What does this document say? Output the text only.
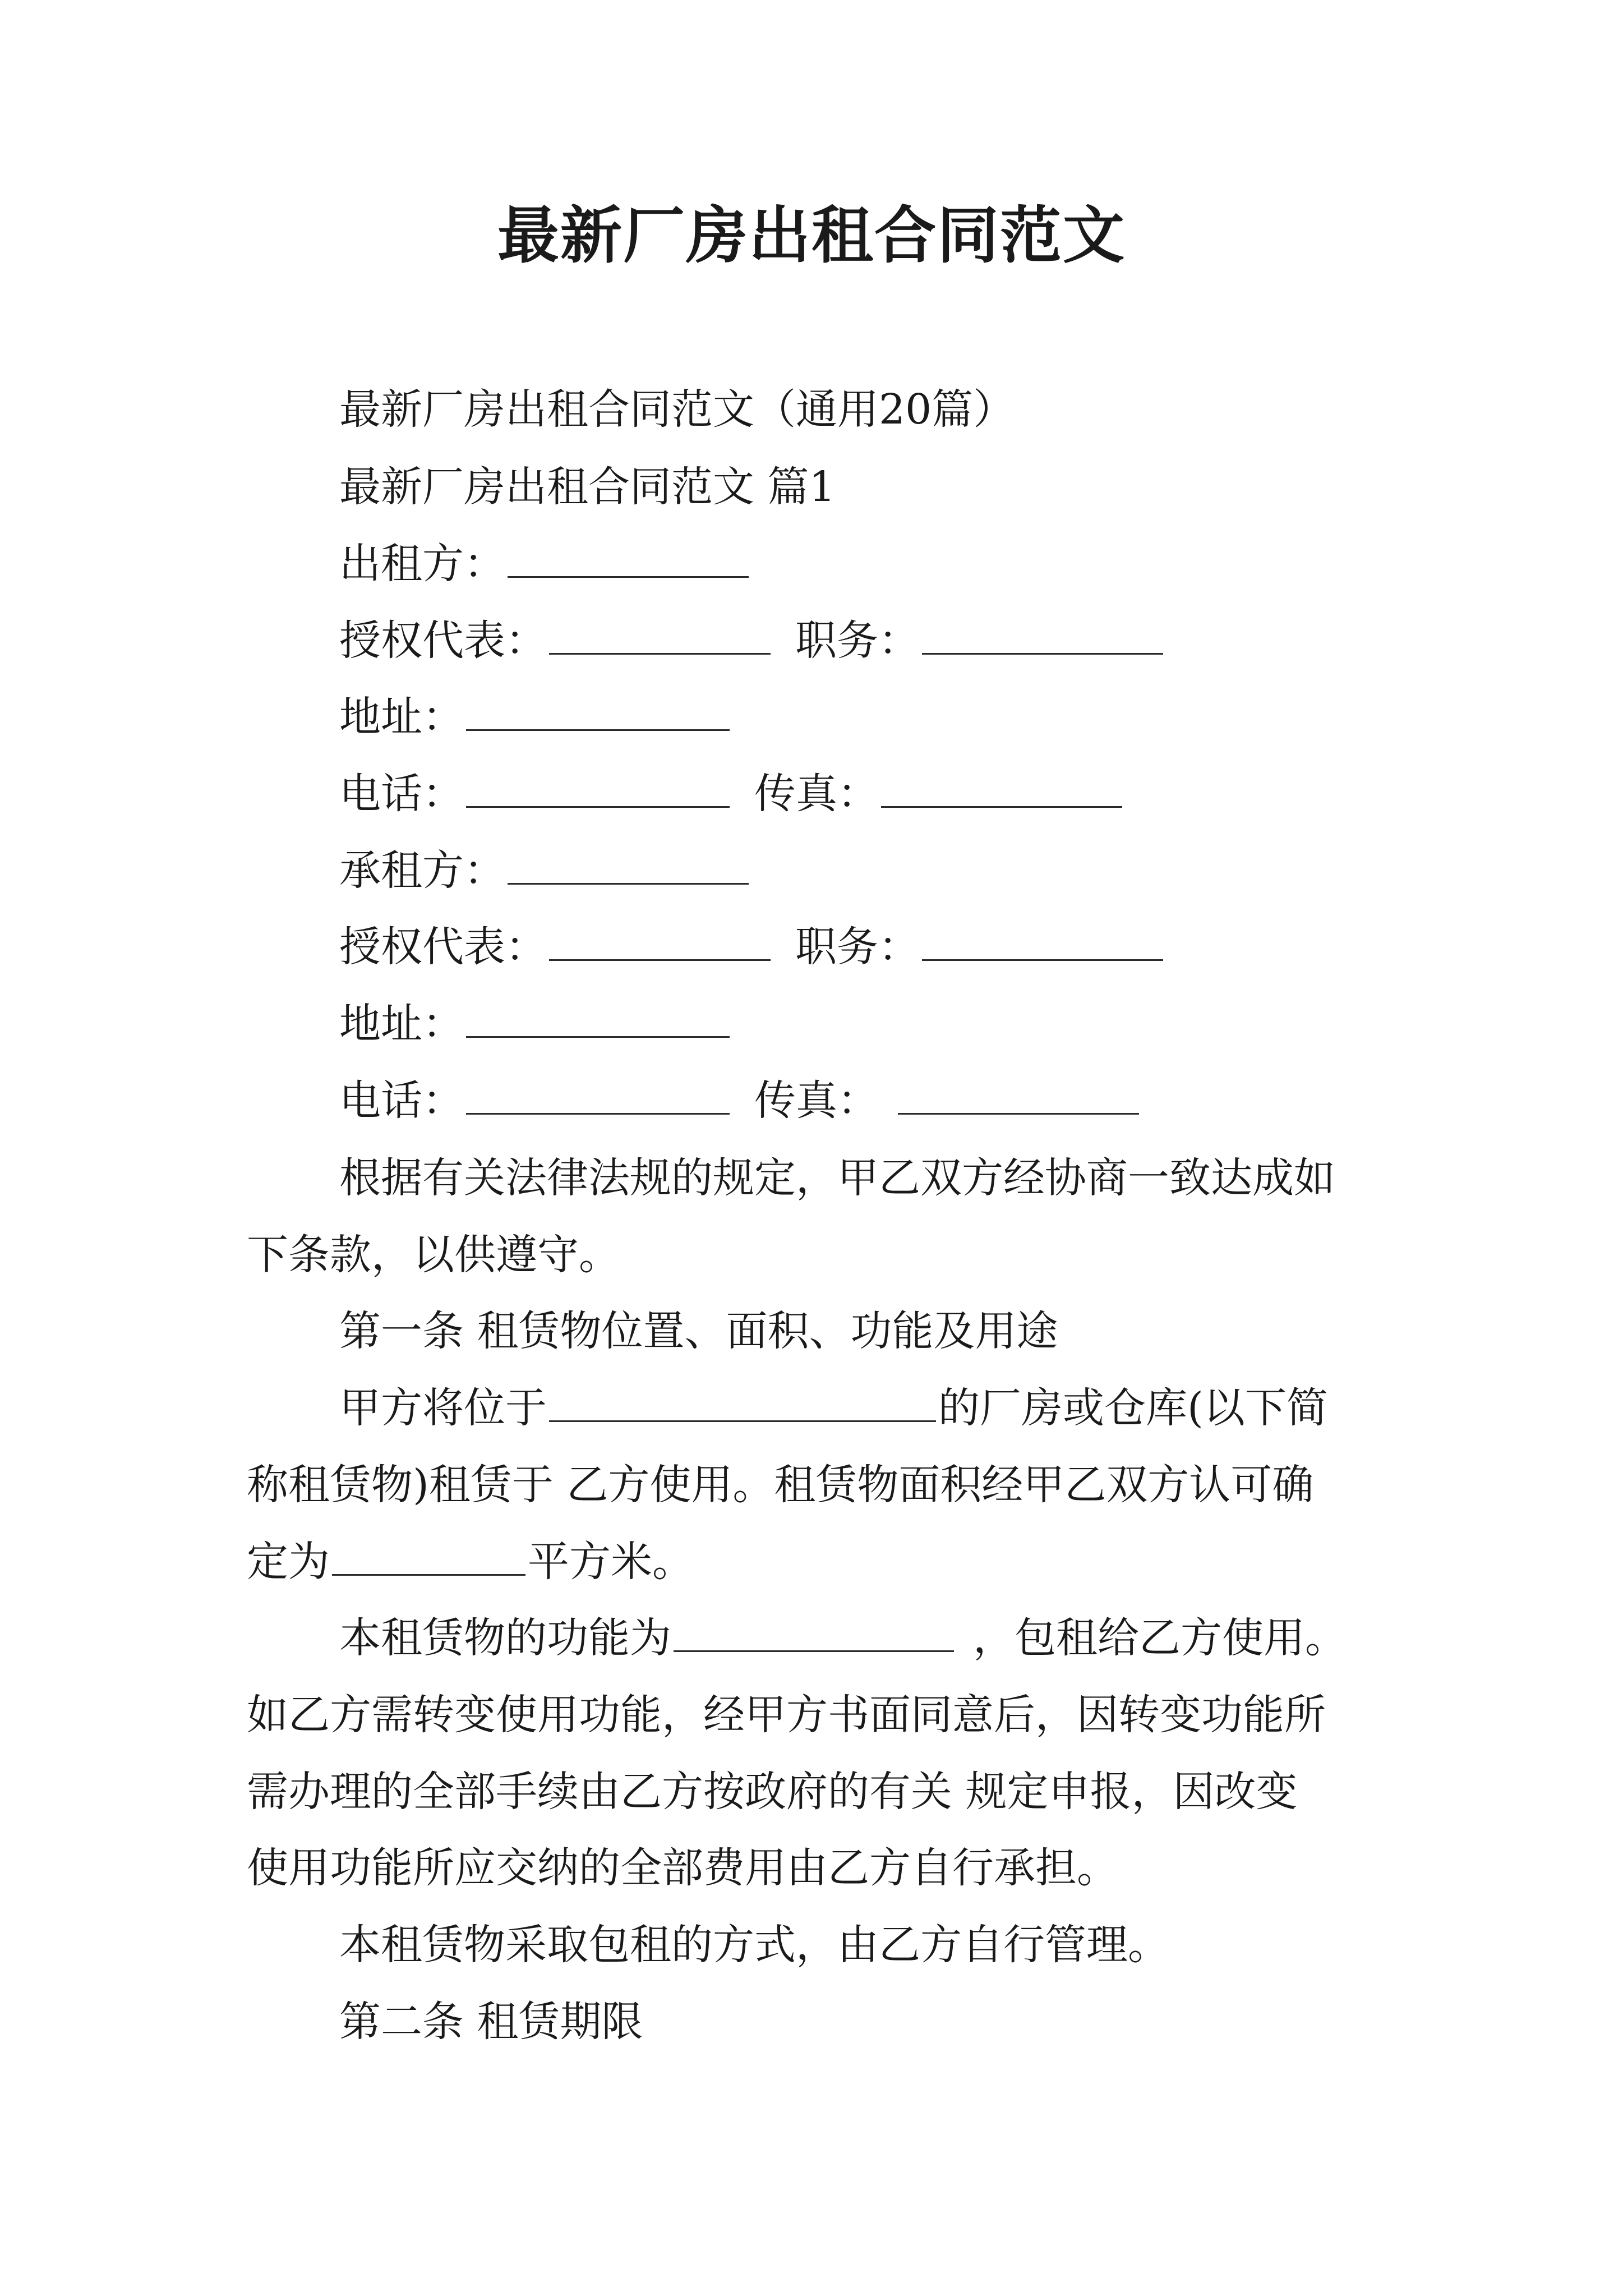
最新厂房出租合同范文
最新厂房出租合同范文（通用20篇）
最新厂房出租合同范文 篇1
出租方：
授权代表：	职务：
地址：
电话：	传真：
承租方：
授权代表：	职务：
地址：
电话：	传真：
根据有关法律法规的规定，甲乙双方经协商一致达成如
下条款，以供遵守。
第一条 租赁物位置、面积、功能及用途
甲方将位于	的厂房或仓库(以下简
称租赁物)租赁于 乙方使用。租赁物面积经甲乙双方认可确
定为	平方米。
本租赁物的功能为	，包租给乙方使用。
如乙方需转变使用功能，经甲方书面同意后，因转变功能所
需办理的全部手续由乙方按政府的有关 规定申报，因改变
使用功能所应交纳的全部费用由乙方自行承担。
本租赁物采取包租的方式，由乙方自行管理。
第二条 租赁期限
